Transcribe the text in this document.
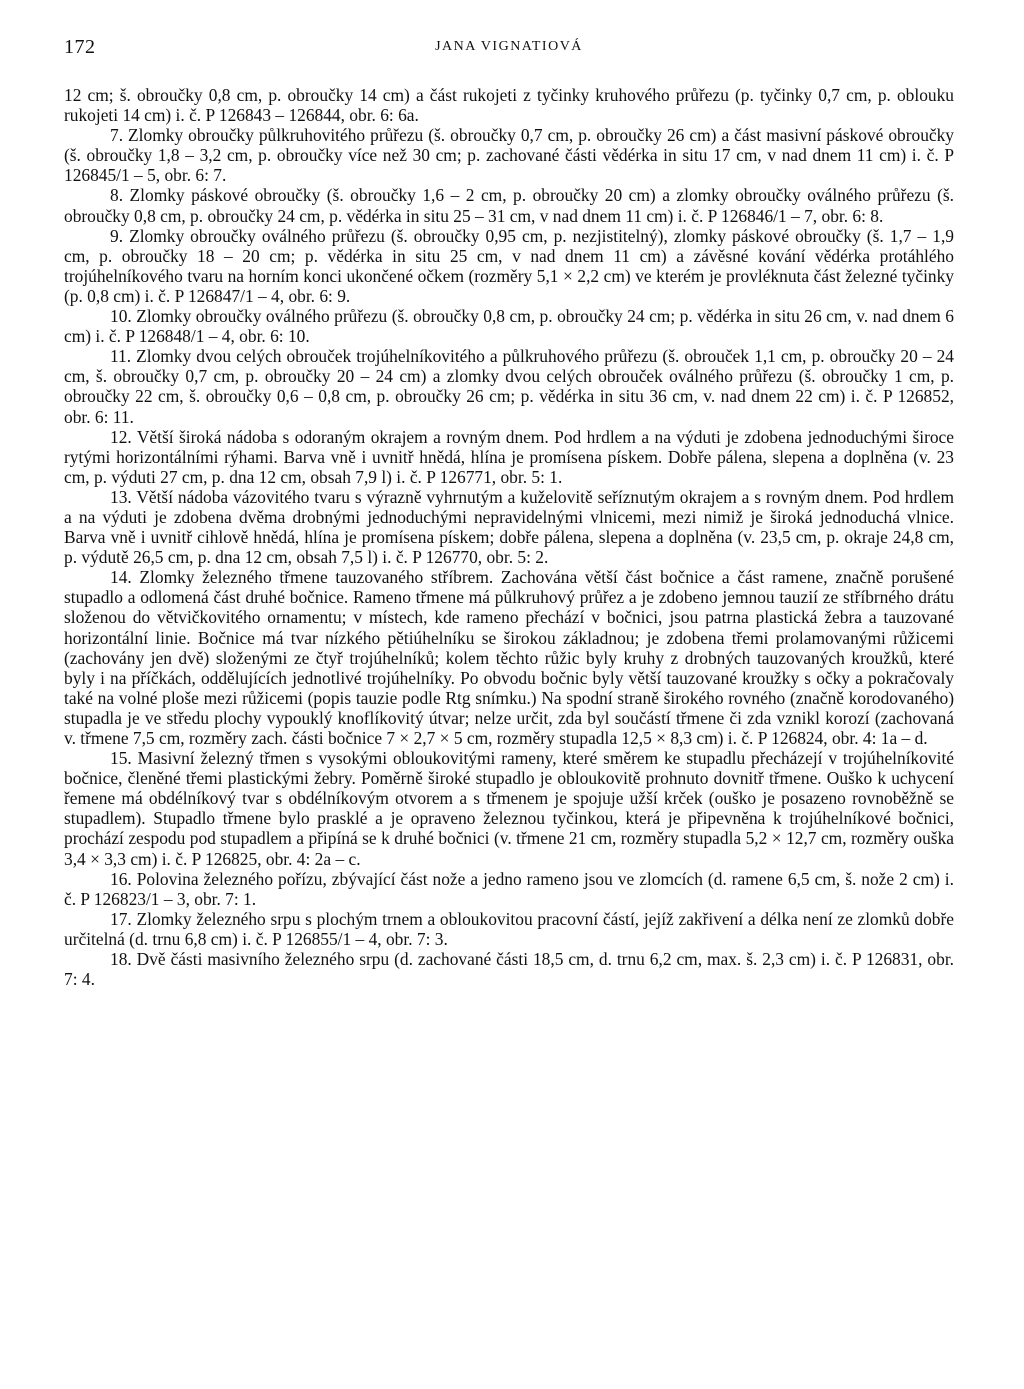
172	JANA VIGNATIOVÁ

12 cm; š. obroučky 0,8 cm, p. obroučky 14 cm) a část rukojeti z tyčinky kruhového průřezu (p. tyčinky 0,7 cm, p. oblouku rukojeti 14 cm) i. č. P 126843 – 126844, obr. 6: 6a.

7. Zlomky obroučky půlkruhovitého průřezu (š. obroučky 0,7 cm, p. obroučky 26 cm) a část masivní páskové obroučky (š. obroučky 1,8 – 3,2 cm, p. obroučky více než 30 cm; p. zachované části vědérka in situ 17 cm, v nad dnem 11 cm) i. č. P 126845/1 – 5, obr. 6: 7.

8. Zlomky páskové obroučky (š. obroučky 1,6 – 2 cm, p. obroučky 20 cm) a zlomky obroučky oválného průřezu (š. obroučky 0,8 cm, p. obroučky 24 cm, p. vědérka in situ 25 – 31 cm, v nad dnem 11 cm) i. č. P 126846/1 – 7, obr. 6: 8.

9. Zlomky obroučky oválného průřezu (š. obroučky 0,95 cm, p. nezjistitelný), zlomky páskové obroučky (š. 1,7 – 1,9 cm, p. obroučky 18 – 20 cm; p. vědérka in situ 25 cm, v nad dnem 11 cm) a závěsné kování vědérka protáhlého trojúhelníkového tvaru na horním konci ukončené očkem (rozměry 5,1 × 2,2 cm) ve kterém je provléknuta část železné tyčinky (p. 0,8 cm) i. č. P 126847/1 – 4, obr. 6: 9.

10. Zlomky obroučky oválného průřezu (š. obroučky 0,8 cm, p. obroučky 24 cm; p. vědérka in situ 26 cm, v. nad dnem 6 cm) i. č. P 126848/1 – 4, obr. 6: 10.

11. Zlomky dvou celých obrouček trojúhelníkovitého a půlkruhového průřezu (š. obrouček 1,1 cm, p. obroučky 20 – 24 cm, š. obroučky 0,7 cm, p. obroučky 20 – 24 cm) a zlomky dvou celých obrouček oválného průřezu (š. obroučky 1 cm, p. obroučky 22 cm, š. obroučky 0,6 – 0,8 cm, p. obroučky 26 cm; p. vědérka in situ 36 cm, v. nad dnem 22 cm) i. č. P 126852, obr. 6: 11.

12. Větší široká nádoba s odoraným okrajem a rovným dnem. Pod hrdlem a na výduti je zdobena jednoduchými široce rytými horizontálními rýhami. Barva vně i uvnitř hnědá, hlína je promísena pískem. Dobře pálena, slepena a doplněna (v. 23 cm, p. výduti 27 cm, p. dna 12 cm, obsah 7,9 l) i. č. P 126771, obr. 5: 1.

13. Větší nádoba vázovitého tvaru s výrazně vyhrnutým a kuželovitě seříznutým okrajem a s rovným dnem. Pod hrdlem a na výduti je zdobena dvěma drobnými jednoduchými nepravidelnými vlnicemi, mezi nimiž je široká jednoduchá vlnice. Barva vně i uvnitř cihlově hnědá, hlína je promísena pískem; dobře pálena, slepena a doplněna (v. 23,5 cm, p. okraje 24,8 cm, p. výdutě 26,5 cm, p. dna 12 cm, obsah 7,5 l) i. č. P 126770, obr. 5: 2.

14. Zlomky železného třmene tauzovaného stříbrem. Zachována větší část bočnice a část ramene, značně porušené stupadlo a odlomená část druhé bočnice. Rameno třmene má půlkruhový průřez a je zdobeno jemnou tauzií ze stříbrného drátu složenou do větvičkovitého ornamentu; v místech, kde rameno přechází v bočnici, jsou patrna plastická žebra a tauzované horizontální linie. Bočnice má tvar nízkého pětiúhelníku se širokou základnou; je zdobena třemi prolamovanými růžicemi (zachovány jen dvě) složenými ze čtyř trojúhelníků; kolem těchto růžic byly kruhy z drobných tauzovaných kroužků, které byly i na příčkách, oddělujících jednotlivé trojúhelníky. Po obvodu bočnic byly větší tauzované kroužky s očky a pokračovaly také na volné ploše mezi růžicemi (popis tauzie podle Rtg snímku.) Na spodní straně širokého rovného (značně korodovaného) stupadla je ve středu plochy vypouklý knoflíkovitý útvar; nelze určit, zda byl součástí třmene či zda vznikl korozí (zachovaná v. třmene 7,5 cm, rozměry zach. části bočnice 7 × 2,7 × 5 cm, rozměry stupadla 12,5 × 8,3 cm) i. č. P 126824, obr. 4: 1a – d.

15. Masivní železný třmen s vysokými obloukovitými rameny, které směrem ke stupadlu přecházejí v trojúhelníkovité bočnice, členěné třemi plastickými žebry. Poměrně široké stupadlo je obloukovitě prohnuto dovnitř třmene. Ouško k uchycení řemene má obdélníkový tvar s obdélníkovým otvorem a s třmenem je spojuje užší krček (ouško je posazeno rovnoběžně se stupadlem). Stupadlo třmene bylo prasklé a je opraveno železnou tyčinkou, která je připevněna k trojúhelníkové bočnici, prochází zespodu pod stupadlem a připíná se k druhé bočnici (v. třmene 21 cm, rozměry stupadla 5,2 × 12,7 cm, rozměry ouška 3,4 × 3,3 cm) i. č. P 126825, obr. 4: 2a – c.

16. Polovina železného pořízu, zbývající část nože a jedno rameno jsou ve zlomcích (d. ramene 6,5 cm, š. nože 2 cm) i. č. P 126823/1 – 3, obr. 7: 1.

17. Zlomky železného srpu s plochým trnem a obloukovitou pracovní částí, jejíž zakřivení a délka není ze zlomků dobře určitelná (d. trnu 6,8 cm) i. č. P 126855/1 – 4, obr. 7: 3.

18. Dvě části masivního železného srpu (d. zachované části 18,5 cm, d. trnu 6,2 cm, max. š. 2,3 cm) i. č. P 126831, obr. 7: 4.
